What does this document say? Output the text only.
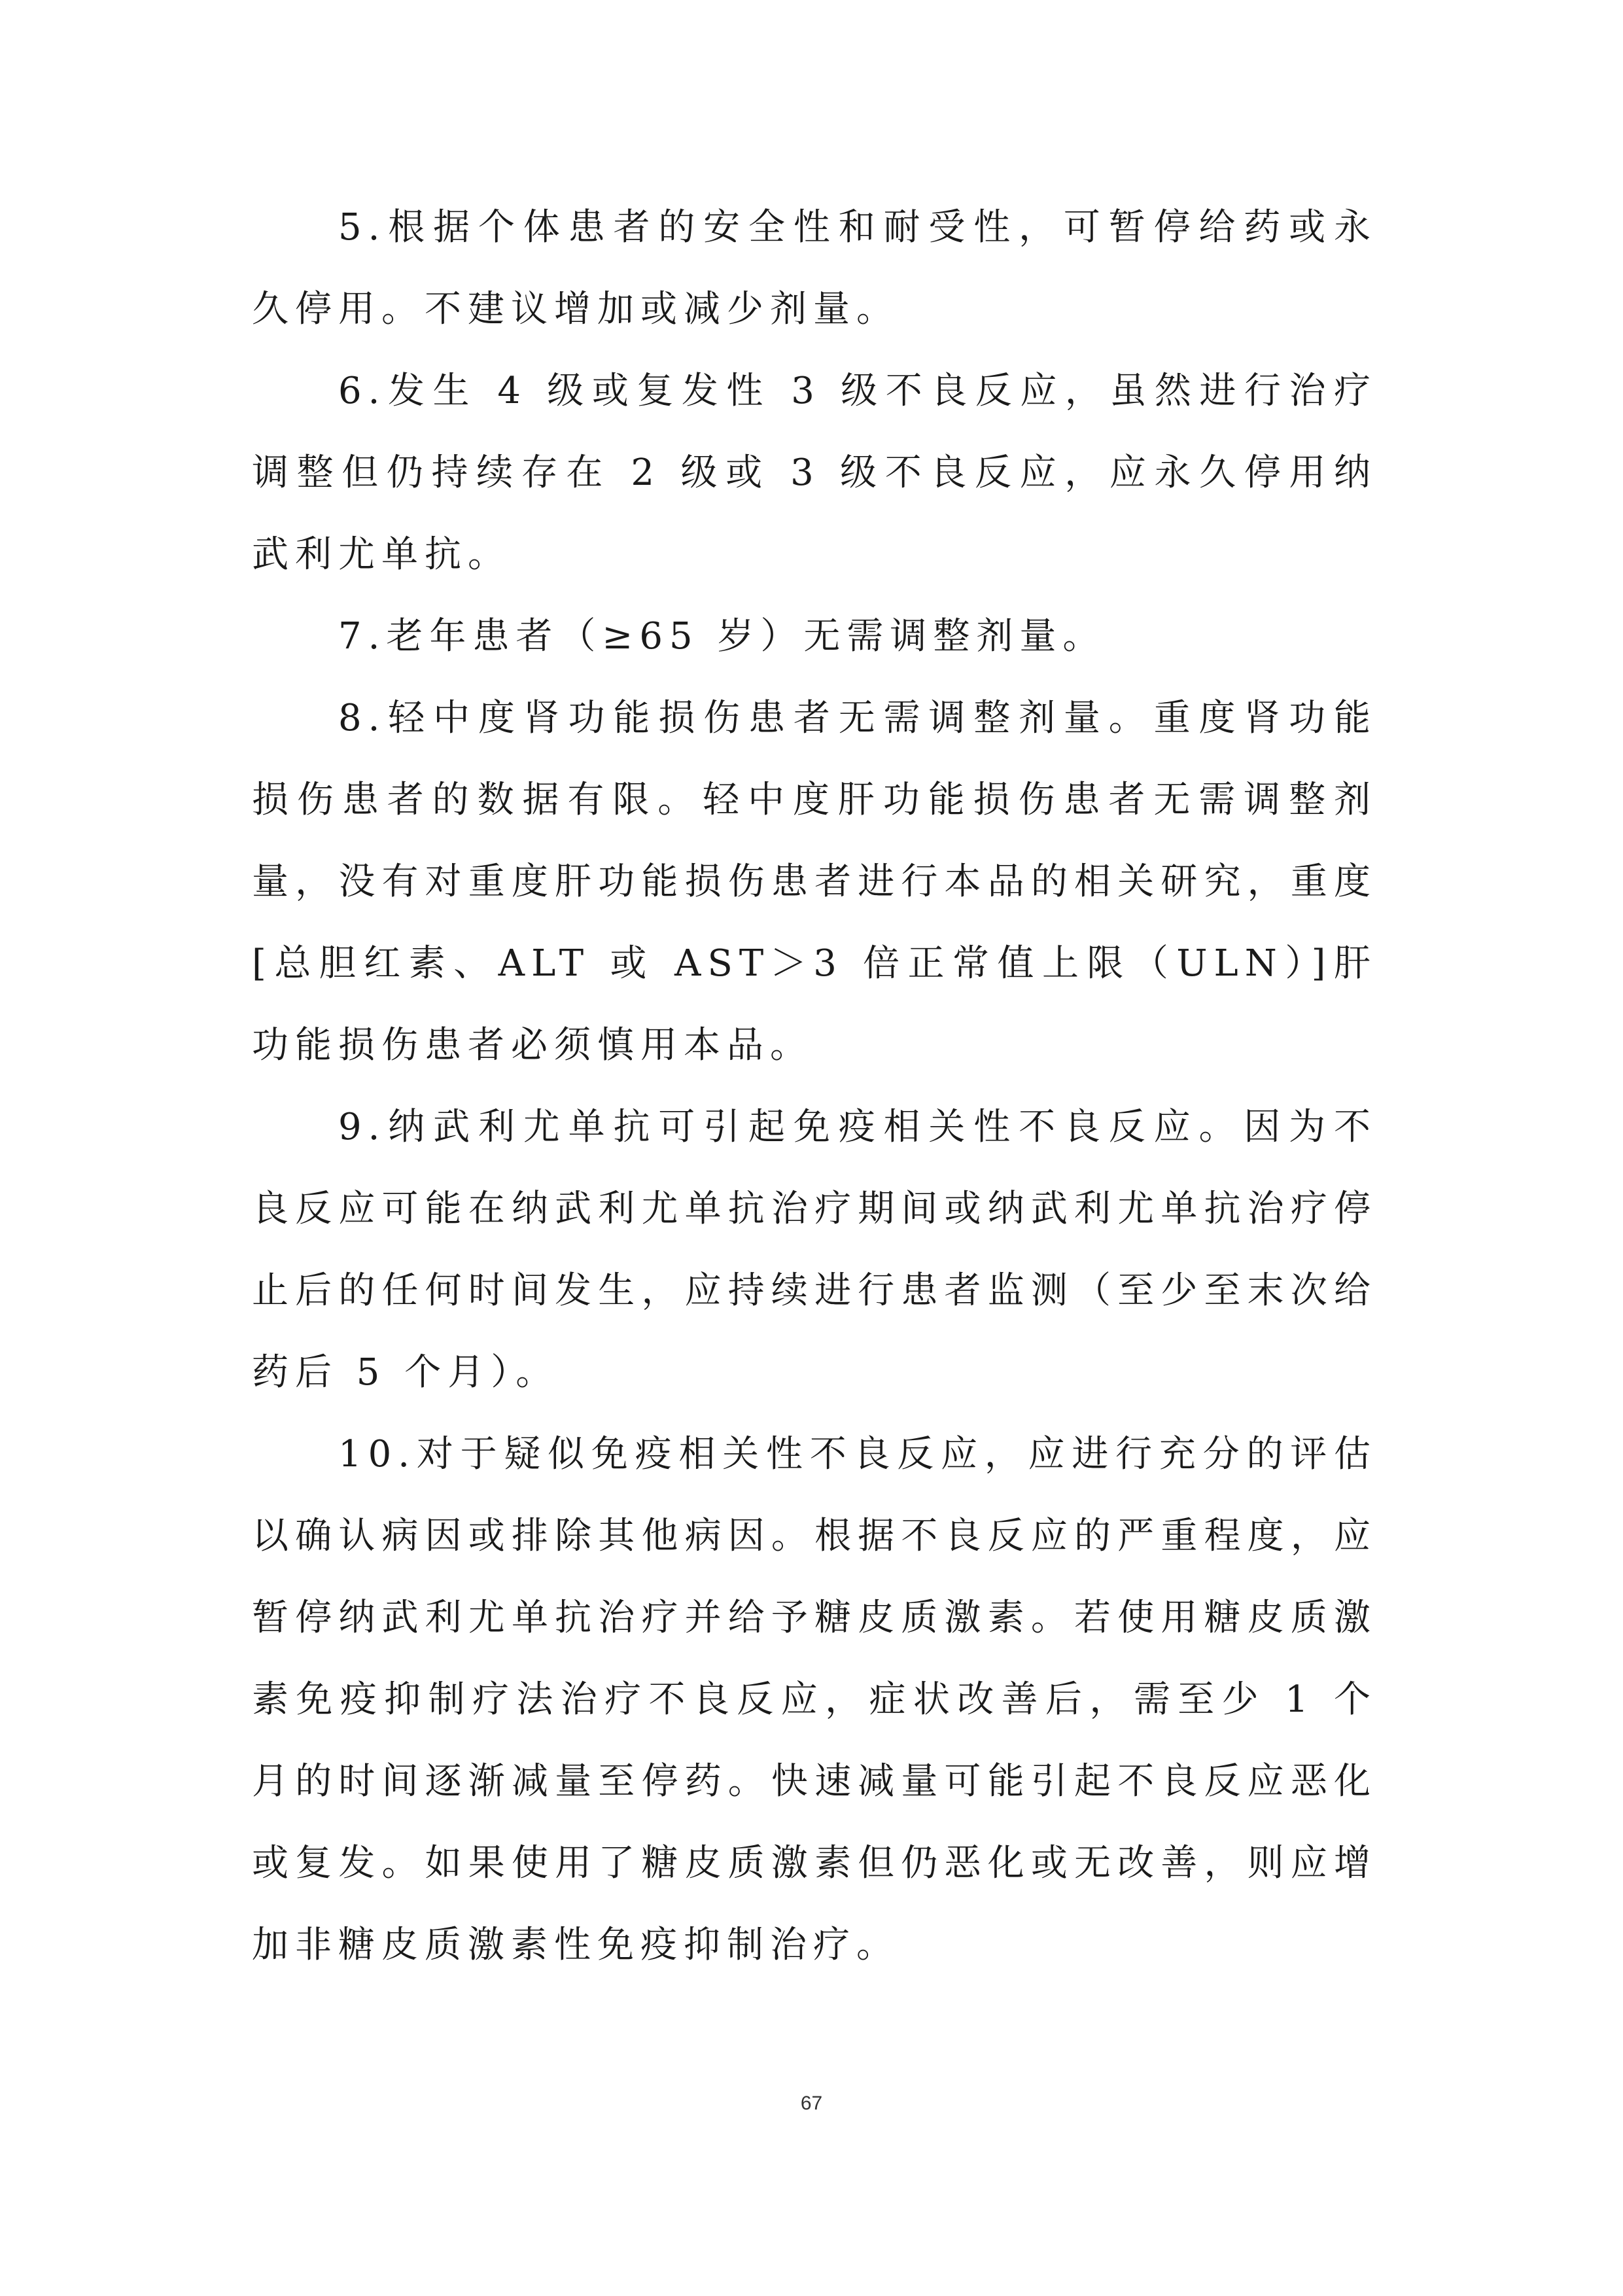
5.根据个体患者的安全性和耐受性，可暂停给药或永久停用。不建议增加或减少剂量。

6.发生 4 级或复发性 3 级不良反应，虽然进行治疗调整但仍持续存在 2 级或 3 级不良反应，应永久停用纳武利尤单抗。

7.老年患者（≥65 岁）无需调整剂量。

8.轻中度肾功能损伤患者无需调整剂量。重度肾功能损伤患者的数据有限。轻中度肝功能损伤患者无需调整剂量，没有对重度肝功能损伤患者进行本品的相关研究，重度[总胆红素、ALT 或 AST＞3 倍正常值上限（ULN）]肝功能损伤患者必须慎用本品。

9.纳武利尤单抗可引起免疫相关性不良反应。因为不良反应可能在纳武利尤单抗治疗期间或纳武利尤单抗治疗停止后的任何时间发生，应持续进行患者监测（至少至末次给药后 5 个月）。

10.对于疑似免疫相关性不良反应，应进行充分的评估以确认病因或排除其他病因。根据不良反应的严重程度，应暂停纳武利尤单抗治疗并给予糖皮质激素。若使用糖皮质激素免疫抑制疗法治疗不良反应，症状改善后，需至少 1 个月的时间逐渐减量至停药。快速减量可能引起不良反应恶化或复发。如果使用了糖皮质激素但仍恶化或无改善，则应增加非糖皮质激素性免疫抑制治疗。

67
